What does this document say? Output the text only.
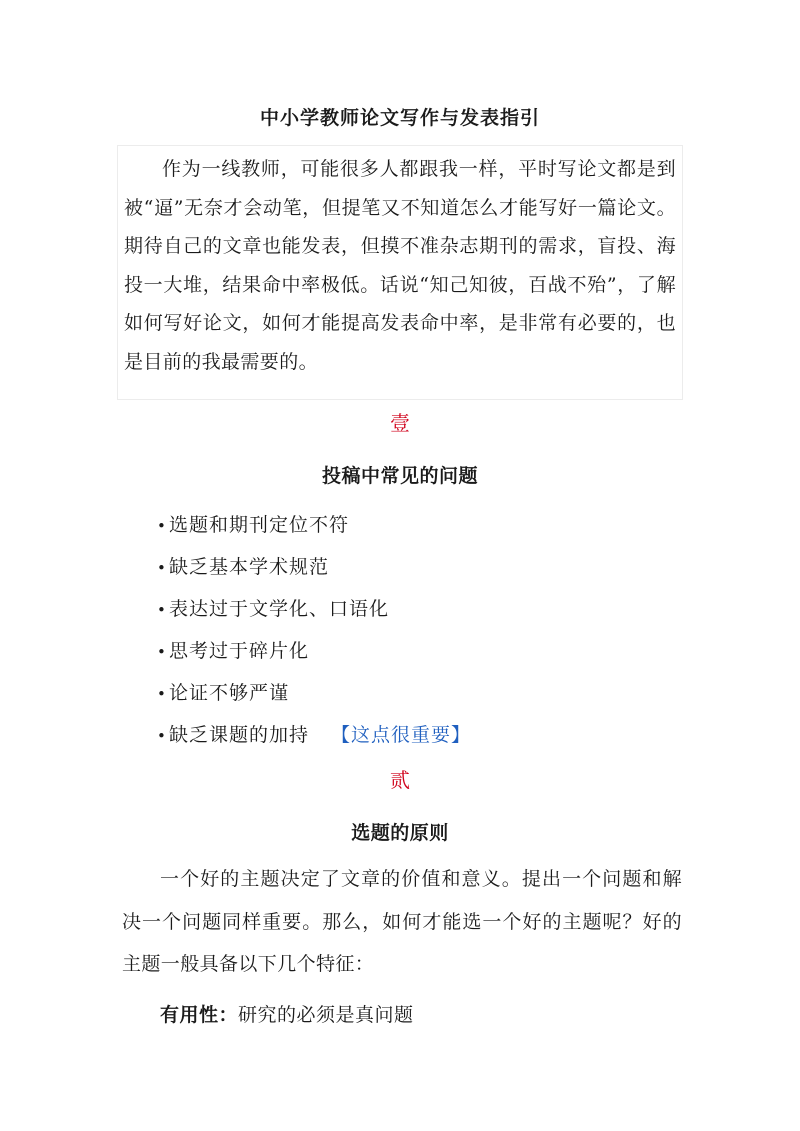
中小学教师论文写作与发表指引

作为一线教师，可能很多人都跟我一样，平时写论文都是到被“逼”无奈才会动笔，但提笔又不知道怎么才能写好一篇论文。期待自己的文章也能发表，但摸不准杂志期刊的需求，盲投、海投一大堆，结果命中率极低。话说“知己知彼，百战不殆”，了解如何写好论文，如何才能提高发表命中率，是非常有必要的，也是目前的我最需要的。

壹
投稿中常见的问题
• 选题和期刊定位不符
• 缺乏基本学术规范
• 表达过于文学化、口语化
• 思考过于碎片化
• 论证不够严谨
• 缺乏课题的加持 【这点很重要】
贰
选题的原则

一个好的主题决定了文章的价值和意义。提出一个问题和解决一个问题同样重要。那么，如何才能选一个好的主题呢？好的主题一般具备以下几个特征：

有用性：研究的必须是真问题
